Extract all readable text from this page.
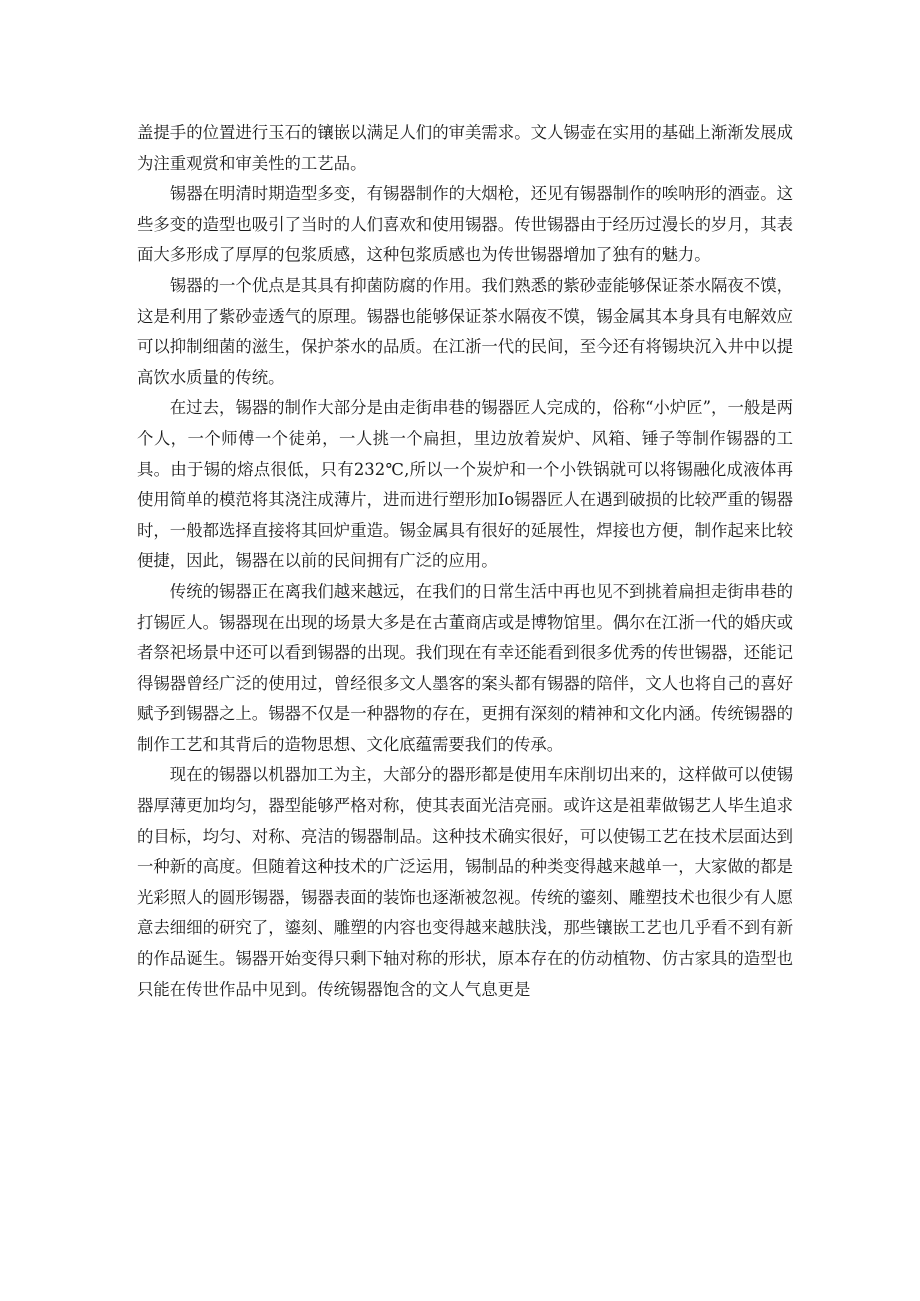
盖提手的位置进行玉石的镶嵌以满足人们的审美需求。文人锡壶在实用的基础上渐渐发展成为注重观赏和审美性的工艺品。

锡器在明清时期造型多变，有锡器制作的大烟枪，还见有锡器制作的唉呐形的酒壶。这些多变的造型也吸引了当时的人们喜欢和使用锡器。传世锡器由于经历过漫长的岁月，其表面大多形成了厚厚的包浆质感，这种包浆质感也为传世锡器增加了独有的魅力。

锡器的一个优点是其具有抑菌防腐的作用。我们熟悉的紫砂壶能够保证茶水隔夜不馍，这是利用了紫砂壶透气的原理。锡器也能够保证茶水隔夜不馍，锡金属其本身具有电解效应可以抑制细菌的滋生，保护茶水的品质。在江浙一代的民间，至今还有将锡块沉入井中以提高饮水质量的传统。

在过去，锡器的制作大部分是由走街串巷的锡器匠人完成的，俗称“小炉匠”，一般是两个人，一个师傅一个徒弟，一人挑一个扁担，里边放着炭炉、风箱、锤子等制作锡器的工具。由于锡的熔点很低，只有232℃,所以一个炭炉和一个小铁锅就可以将锡融化成液体再使用简单的模范将其浇注成薄片，进而进行塑形加Io锡器匠人在遇到破损的比较严重的锡器时，一般都选择直接将其回炉重造。锡金属具有很好的延展性，焊接也方便，制作起来比较便捷，因此，锡器在以前的民间拥有广泛的应用。

传统的锡器正在离我们越来越远，在我们的日常生活中再也见不到挑着扁担走街串巷的打锡匠人。锡器现在出现的场景大多是在古董商店或是博物馆里。偶尔在江浙一代的婚庆或者祭祀场景中还可以看到锡器的出现。我们现在有幸还能看到很多优秀的传世锡器，还能记得锡器曾经广泛的使用过，曾经很多文人墨客的案头都有锡器的陪伴，文人也将自己的喜好赋予到锡器之上。锡器不仅是一种器物的存在，更拥有深刻的精神和文化内涵。传统锡器的制作工艺和其背后的造物思想、文化底蕴需要我们的传承。

现在的锡器以机器加工为主，大部分的器形都是使用车床削切出来的，这样做可以使锡器厚薄更加均匀，器型能够严格对称，使其表面光洁亮丽。或许这是祖辈做锡艺人毕生追求的目标，均匀、对称、亮洁的锡器制品。这种技术确实很好，可以使锡工艺在技术层面达到一种新的高度。但随着这种技术的广泛运用，锡制品的种类变得越来越单一，大家做的都是光彩照人的圆形锡器，锡器表面的装饰也逐渐被忽视。传统的鎏刻、雕塑技术也很少有人愿意去细细的研究了，鎏刻、雕塑的内容也变得越来越肤浅，那些镶嵌工艺也几乎看不到有新的作品诞生。锡器开始变得只剩下轴对称的形状，原本存在的仿动植物、仿古家具的造型也只能在传世作品中见到。传统锡器饱含的文人气息更是
